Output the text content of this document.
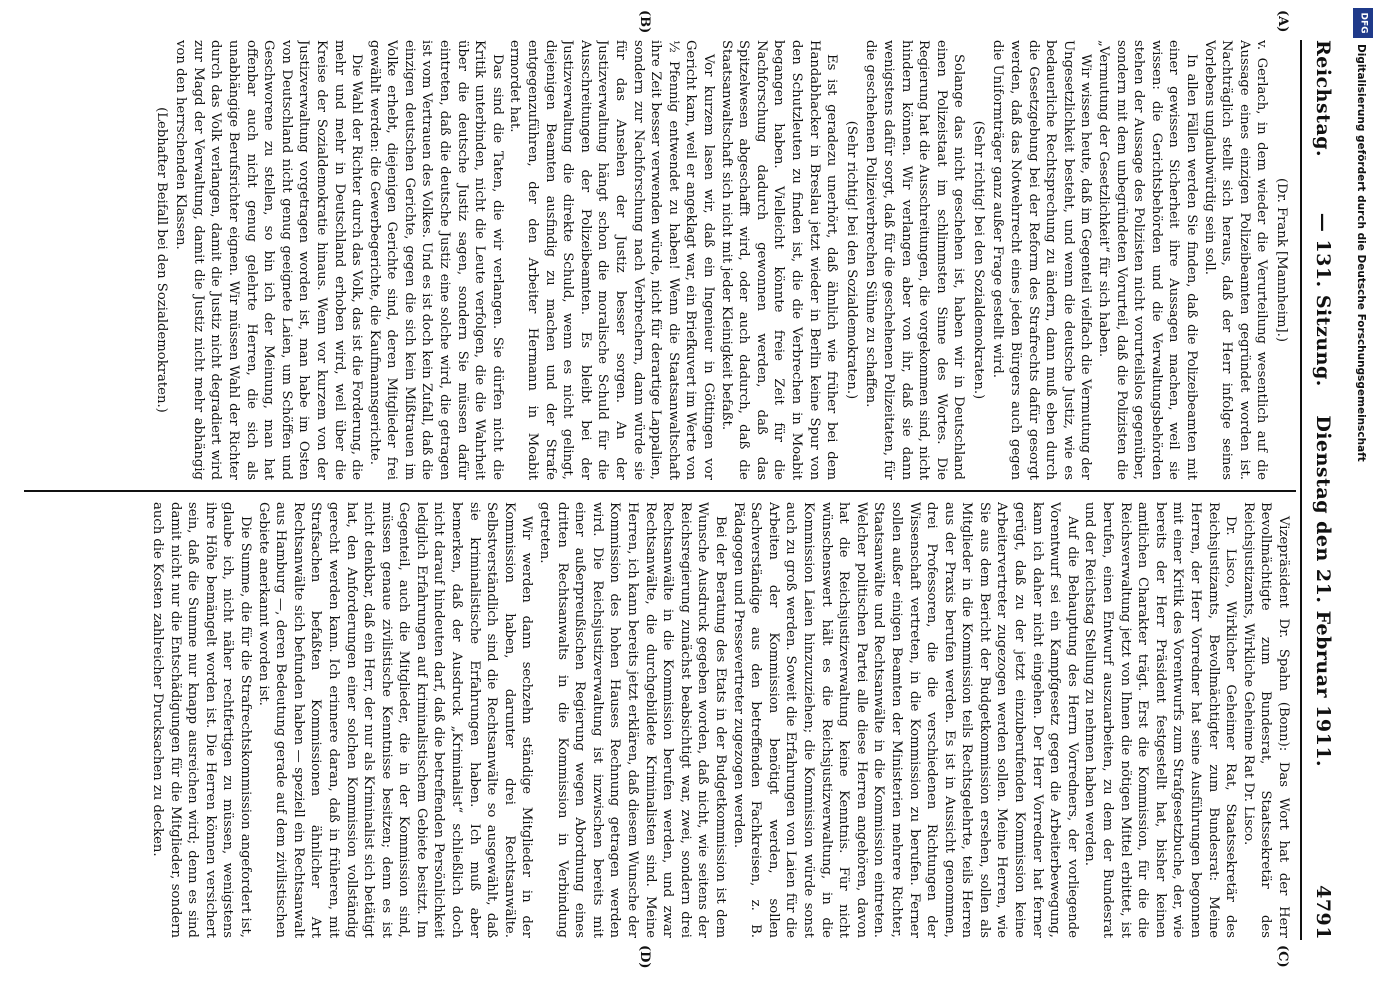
Reichstag.
— 131. Sitzung.    Dienstag den 21. Februar 1911.
4791
(A)
(B)
(C)
(D)

(Dr. Frank [Mannheim].)

v. Gerlach, in dem wieder die Verurteilung wesentlich auf die Aussage eines einzigen Polizeibeamten gegründet worden ist. Nachträglich stellt sich heraus, daß der Herr infolge seines Vorlebens unglaubwürdig sein soll.

In allen Fällen werden Sie finden, daß die Polizeibeamten mit einer gewissen Sicherheit ihre Aussagen machen, weil sie wissen: die Gerichtsbehörden und die Verwaltungsbehörden stehen der Aussage des Polizisten nicht vorurteilslos gegenüber, sondern mit dem unbegründeten Vorurteil, daß die Polizisten die „Vermutung der Gesetzlichkeit“ für sich haben.

Wir wissen heute, daß im Gegenteil vielfach die Vermutung der Ungesetzlichkeit besteht, und wenn die deutsche Justiz, wie es bedauerliche Rechtsprechung zu ändern, dann muß eben durch die Gesetzgebung bei der Reform des Strafrechts dafür gesorgt werden, daß das Notwehrrecht eines jeden Bürgers auch gegen die Uniformträger ganz außer Frage gestellt wird.

(Sehr richtig! bei den Sozialdemokraten.)

Solange das nicht geschehen ist, haben wir in Deutschland einen Polizeistaat im schlimmsten Sinne des Wortes. Die Regierung hat die Ausschreitungen, die vorgekommen sind, nicht hindern können. Wir verlangen aber von ihr, daß sie dann wenigstens dafür sorgt, daß für die geschehenen Polizeitaten, für die geschehenen Polizeiverbrechen Sühne zu schaffen.

(Sehr richtig! bei den Sozialdemokraten.)

Es ist geradezu unerhört, daß ähnlich wie früher bei dem Handabhacker in Breslau jetzt wieder in Berlin keine Spur von den Schutzleuten zu finden ist, die die Verbrechen in Moabit begangen haben. Vielleicht könnte freie Zeit für die Nachforschung dadurch gewonnen werden, daß das Spitzelwesen abgeschafft wird, oder auch dadurch, daß die Staatsanwaltschaft sich nicht mit jeder Kleinigkeit befaßt.

Vor kurzem lasen wir, daß ein Ingenieur in Göttingen vor Gericht kam, weil er angeklagt war, ein Briefkuvert im Werte von ½ Pfennig entwendet zu haben! Wenn die Staatsanwaltschaft ihre Zeit besser verwenden würde, nicht für derartige Lappalien, sondern zur Nachforschung nach Verbrechern, dann würde sie für das Ansehen der Justiz besser sorgen. An der Justizverwaltung hängt schon die moralische Schuld für die Ausschreitungen der Polizeibeamten. Es bleibt bei der Justizverwaltung die direkte Schuld, wenn es nicht gelingt, diejenigen Beamten ausfindig zu machen und der Strafe entgegenzuführen, der den Arbeiter Hermann in Moabit ermordet hat.

Das sind die Taten, die wir verlangen. Sie dürfen nicht die Kritik unterbinden, nicht die Leute verfolgen, die die Wahrheit über die deutsche Justiz sagen, sondern Sie müssen dafür eintreten, daß die deutsche Justiz eine solche wird, die getragen ist vom Vertrauen des Volkes. Und es ist doch kein Zufall, daß die einzigen deutschen Gerichte, gegen die sich kein Mißtrauen im Volke erhebt, diejenigen Gerichte sind, deren Mitglieder frei gewählt werden: die Gewerbegerichte, die Kaufmannsgerichte.

Die Wahl der Richter durch das Volk, das ist die Forderung, die mehr und mehr in Deutschland erhoben wird, weil über die Kreise der Sozialdemokratie hinaus. Wenn vor kurzem von der Justizverwaltung vorgetragen worden ist, man habe im Osten von Deutschland nicht genug geeignete Laien, um Schöffen und Geschworene zu stellen, so bin ich der Meinung, man hat offenbar auch nicht genug gelehrte Herren, die sich als unabhängige Berufsrichter eignen. Wir müssen Wahl der Richter durch das Volk verlangen, damit die Justiz nicht degradiert wird zur Magd der Verwaltung, damit die Justiz nicht mehr abhängig von den herrschenden Klassen.

(Lebhafter Beifall bei den Sozialdemokraten.)

Vizepräsident Dr. Spahn (Bonn): Das Wort hat der Herr Bevollmächtigte zum Bundesrat, Staatssekretär des Reichsjustizamts, Wirkliche Geheime Rat Dr. Lisco.

Dr. Lisco, Wirklicher Geheimer Rat, Staatssekretär des Reichsjustizamts, Bevollmächtigter zum Bundesrat: Meine Herren, der Herr Vorredner hat seine Ausführungen begonnen mit einer Kritik des Vorentwurfs zum Strafgesetzbuche, der, wie bereits der Herr Präsident festgestellt hat, bisher keinen amtlichen Charakter trägt. Erst die Kommission, für die die Reichsverwaltung jetzt von Ihnen die nötigen Mittel erbittet, ist berufen, einen Entwurf auszuarbeiten, zu dem der Bundesrat und der Reichstag Stellung zu nehmen haben werden.

Auf die Behauptung des Herrn Vorredners, der vorliegende Vorentwurf sei ein Kampfgesetz gegen die Arbeiterbewegung, kann ich daher nicht eingehen. Der Herr Vorredner hat ferner gerügt, daß zu der jetzt einzuberufenden Kommission keine Arbeitervertreter zugezogen werden sollen. Meine Herren, wie Sie aus dem Bericht der Budgetkommission ersehen, sollen als Mitglieder in die Kommission teils Rechtsgelehrte, teils Herren aus der Praxis berufen werden. Es ist in Aussicht genommen, drei Professoren, die die verschiedenen Richtungen der Wissenschaft vertreten, in die Kommission zu berufen. Ferner sollen außer einigen Beamten der Ministerien mehrere Richter, Staatsanwälte und Rechtsanwälte in die Kommission eintreten. Welcher politischen Partei alle diese Herren angehören, davon hat die Reichsjustizverwaltung keine Kenntnis. Für nicht wünschenswert hält es die Reichsjustizverwaltung, in die Kommission Laien hinzuzuziehen; die Kommission würde sonst auch zu groß werden. Soweit die Erfahrungen von Laien für die Arbeiten der Kommission benötigt werden, sollen Sachverständige aus den betreffenden Fachkreisen, z. B. Pädagogen und Pressevertreter zugezogen werden.

Bei der Beratung des Etats in der Budgetkommission ist dem Wunsche Ausdruck gegeben worden, daß nicht, wie seitens der Reichsregierung zunächst beabsichtigt war, zwei, sondern drei Rechtsanwälte in die Kommission berufen werden, und zwar Rechtsanwälte, die durchgebildete Kriminalisten sind. Meine Herren, ich kann bereits jetzt erklären, daß diesem Wunsche der Kommission des hohen Hauses Rechnung getragen werden wird. Die Reichsjustizverwaltung ist inzwischen bereits mit einer außerpreußischen Regierung wegen Abordnung eines dritten Rechtsanwalts in die Kommission in Verbindung getreten.

Wir werden dann sechzehn ständige Mitglieder in der Kommission haben, darunter drei Rechtsanwälte. Selbstverständlich sind die Rechtsanwälte so ausgewählt, daß sie kriminalistische Erfahrungen haben. Ich muß aber bemerken, daß der Ausdruck „Kriminalist“ schließlich doch nicht darauf hindeuten darf, daß die betreffenden Persönlichkeit lediglich Erfahrungen auf kriminalistischem Gebiete besitzt. Im Gegenteil, auch die Mitglieder, die in der Kommission sind, müssen genaue zivilistische Kenntnisse besitzen; denn es ist nicht denkbar, daß ein Herr, der nur als Kriminalist sich betätigt hat, den Anforderungen einer solchen Kommission vollständig gerecht werden kann. Ich erinnere daran, daß in früheren, mit Strafsachen befaßten Kommissionen ähnlicher Art Rechtsanwälte sich befunden haben — speziell ein Rechtsanwalt aus Hamburg —, deren Bedeutung gerade auf dem zivilistischen Gebiete anerkannt worden ist.

Die Summe, die für die Strafrechtskommission angefordert ist, glaube ich, nicht näher rechtfertigen zu müssen, wenigstens ihre Höhe bemängelt worden ist. Die Herren können versichert sein, daß die Summe nur knapp ausreichen wird; denn es sind damit nicht nur die Entschädigungen für die Mitglieder, sondern auch die Kosten zahlreicher Drucksachen zu decken.

DFG
Digitalisierung gefördert durch die Deutsche Forschungsgemeinschaft
